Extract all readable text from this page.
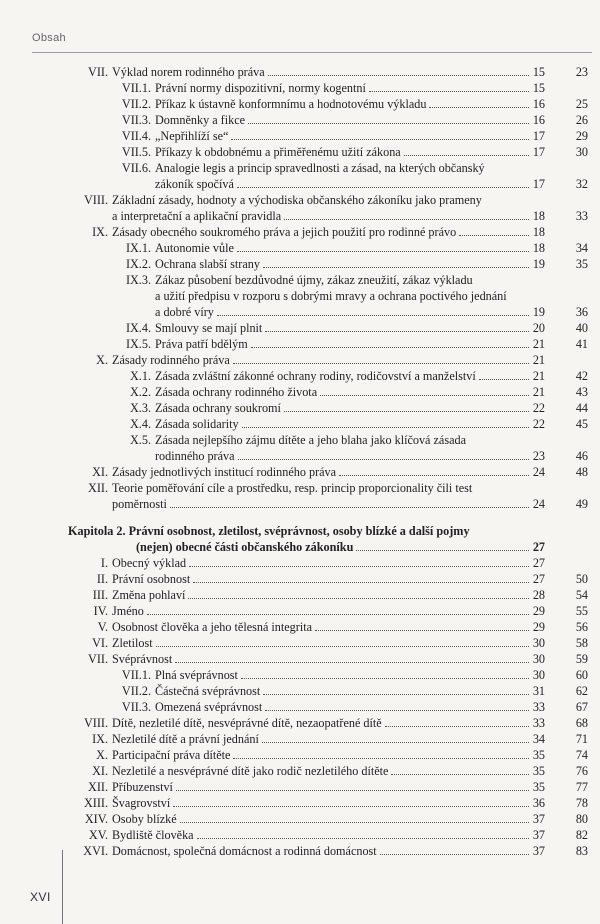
Obsah
VII. Výklad norem rodinného práva	15	23
VII.1. Právní normy dispozitivní, normy kogentní	15
VII.2. Příkaz k ústavně konformnímu a hodnotovému výkladu	16	25
VII.3. Domněnky a fikce	16	26
VII.4. „Nepřihlíží se“	17	29
VII.5. Příkazy k obdobnému a přiměřenému užití zákona	17	30
VII.6. Analogie legis a princip spravedlnosti a zásad, na kterých občanský
zákoník spočívá	17	32
VIII. Základní zásady, hodnoty a východiska občanského zákoníku jako prameny
a interpretační a aplikační pravidla	18	33
IX. Zásady obecného soukromého práva a jejich použití pro rodinné právo	18
IX.1. Autonomie vůle	18	34
IX.2. Ochrana slabší strany	19	35
IX.3. Zákaz působení bezdůvodné újmy, zákaz zneužití, zákaz výkladu
a užití předpisu v rozporu s dobrými mravy a ochrana poctivého jednání
a dobré víry	19	36
IX.4. Smlouvy se mají plnit	20	40
IX.5. Práva patří bdělým	21	41
X. Zásady rodinného práva	21
X.1. Zásada zvláštní zákonné ochrany rodiny, rodičovství a manželství	21	42
X.2. Zásada ochrany rodinného života	21	43
X.3. Zásada ochrany soukromí	22	44
X.4. Zásada solidarity	22	45
X.5. Zásada nejlepšího zájmu dítěte a jeho blaha jako klíčová zásada
rodinného práva	23	46
XI. Zásady jednotlivých institucí rodinného práva	24	48
XII. Teorie poměřování cíle a prostředku, resp. princip proporcionality čili test
poměrnosti	24	49
Kapitola 2. Právní osobnost, zletilost, svéprávnost, osoby blízké a další pojmy
(nejen) obecné části občanského zákoníku	27
I. Obecný výklad	27
II. Právní osobnost	27	50
III. Změna pohlaví	28	54
IV. Jméno	29	55
V. Osobnost člověka a jeho tělesná integrita	29	56
VI. Zletilost	30	58
VII. Svéprávnost	30	59
VII.1. Plná svéprávnost	30	60
VII.2. Částečná svéprávnost	31	62
VII.3. Omezená svéprávnost	33	67
VIII. Dítě, nezletilé dítě, nesvéprávné dítě, nezaopatřené dítě	33	68
IX. Nezletilé dítě a právní jednání	34	71
X. Participační práva dítěte	35	74
XI. Nezletilé a nesvéprávné dítě jako rodič nezletilého dítěte	35	76
XII. Příbuzenství	35	77
XIII. Švagrovství	36	78
XIV. Osoby blízké	37	80
XV. Bydliště člověka	37	82
XVI. Domácnost, společná domácnost a rodinná domácnost	37	83
XVI
